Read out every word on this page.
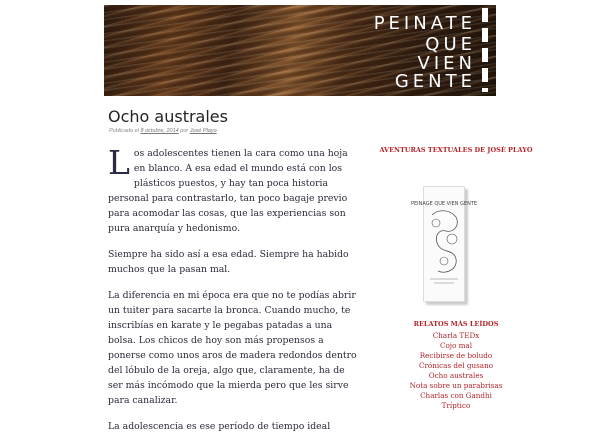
PEINATE
QUE
VIEN
GENTE
Ocho australes
Publicado el 8 octubre, 2014 por José Playo

Los adolescentes tienen la cara como una hoja en blanco. A esa edad el mundo está con los plásticos puestos, y hay tan poca historia personal para contrastarlo, tan poco bagaje previo para acomodar las cosas, que las experiencias son pura anarquía y hedonismo.

Siempre ha sido así a esa edad. Siempre ha habido muchos que la pasan mal.

La diferencia en mi época era que no te podías abrir un tuiter para sacarte la bronca. Cuando mucho, te inscribías en karate y le pegabas patadas a una bolsa. Los chicos de hoy son más propensos a ponerse como unos aros de madera redondos dentro del lóbulo de la oreja, algo que, claramente, ha de ser más incómodo que la mierda pero que les sirve para canalizar.

La adolescencia es ese período de tiempo ideal

AVENTURAS TEXTUALES DE JOSÉ PLAYO
PEINAGE QUE VIEN GENTE
RELATOS MÁS LEÍDOS
Charla TEDx
Cojo mal
Recibirse de boludo
Crónicas del gusano
Ocho australes
Nota sobre un parabrisas
Charlas con Gandhi
Tríptico
